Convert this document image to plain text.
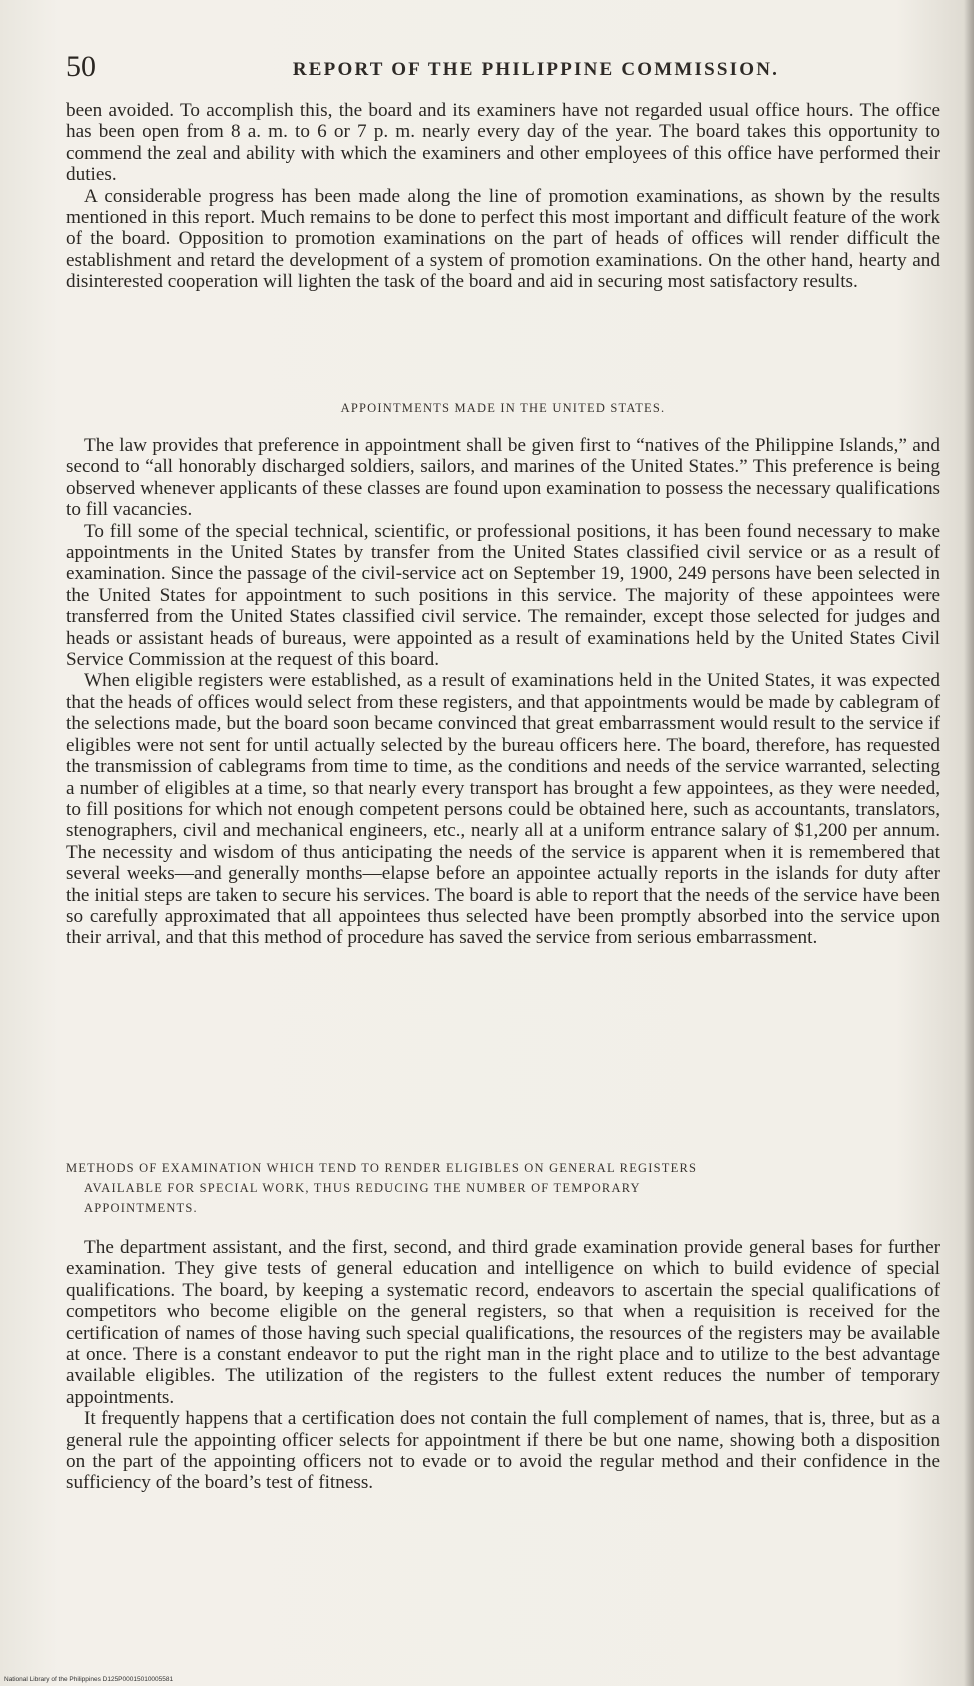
50	REPORT OF THE PHILIPPINE COMMISSION.

been avoided. To accomplish this, the board and its examiners have not regarded usual office hours. The office has been open from 8 a. m. to 6 or 7 p. m. nearly every day of the year. The board takes this opportunity to commend the zeal and ability with which the examiners and other employees of this office have performed their duties.

A considerable progress has been made along the line of promotion examinations, as shown by the results mentioned in this report. Much remains to be done to perfect this most important and difficult feature of the work of the board. Opposition to promotion examinations on the part of heads of offices will render difficult the establishment and retard the development of a system of promotion examinations. On the other hand, hearty and disinterested cooperation will lighten the task of the board and aid in securing most satisfactory results.

APPOINTMENTS MADE IN THE UNITED STATES.

The law provides that preference in appointment shall be given first to “natives of the Philippine Islands,” and second to “all honorably discharged soldiers, sailors, and marines of the United States.” This preference is being observed whenever applicants of these classes are found upon examination to possess the necessary qualifications to fill vacancies.

To fill some of the special technical, scientific, or professional positions, it has been found necessary to make appointments in the United States by transfer from the United States classified civil service or as a result of examination. Since the passage of the civil-service act on September 19, 1900, 249 persons have been selected in the United States for appointment to such positions in this service. The majority of these appointees were transferred from the United States classified civil service. The remainder, except those selected for judges and heads or assistant heads of bureaus, were appointed as a result of examinations held by the United States Civil Service Commission at the request of this board.

When eligible registers were established, as a result of examinations held in the United States, it was expected that the heads of offices would select from these registers, and that appointments would be made by cablegram of the selections made, but the board soon became convinced that great embarrassment would result to the service if eligibles were not sent for until actually selected by the bureau officers here. The board, therefore, has requested the transmission of cablegrams from time to time, as the conditions and needs of the service warranted, selecting a number of eligibles at a time, so that nearly every transport has brought a few appointees, as they were needed, to fill positions for which not enough competent persons could be obtained here, such as accountants, translators, stenographers, civil and mechanical engineers, etc., nearly all at a uniform entrance salary of $1,200 per annum. The necessity and wisdom of thus anticipating the needs of the service is apparent when it is remembered that several weeks—and generally months—elapse before an appointee actually reports in the islands for duty after the initial steps are taken to secure his services. The board is able to report that the needs of the service have been so carefully approximated that all appointees thus selected have been promptly absorbed into the service upon their arrival, and that this method of procedure has saved the service from serious embarrassment.

METHODS OF EXAMINATION WHICH TEND TO RENDER ELIGIBLES ON GENERAL REGISTERS
AVAILABLE FOR SPECIAL WORK, THUS REDUCING THE NUMBER OF TEMPORARY
APPOINTMENTS.

The department assistant, and the first, second, and third grade examination provide general bases for further examination. They give tests of general education and intelligence on which to build evidence of special qualifications. The board, by keeping a systematic record, endeavors to ascertain the special qualifications of competitors who become eligible on the general registers, so that when a requisition is received for the certification of names of those having such special qualifications, the resources of the registers may be available at once. There is a constant endeavor to put the right man in the right place and to utilize to the best advantage available eligibles. The utilization of the registers to the fullest extent reduces the number of temporary appointments.

It frequently happens that a certification does not contain the full complement of names, that is, three, but as a general rule the appointing officer selects for appointment if there be but one name, showing both a disposition on the part of the appointing officers not to evade or to avoid the regular method and their confidence in the sufficiency of the board’s test of fitness.

National Library of the Philippines D125P00015010005581
